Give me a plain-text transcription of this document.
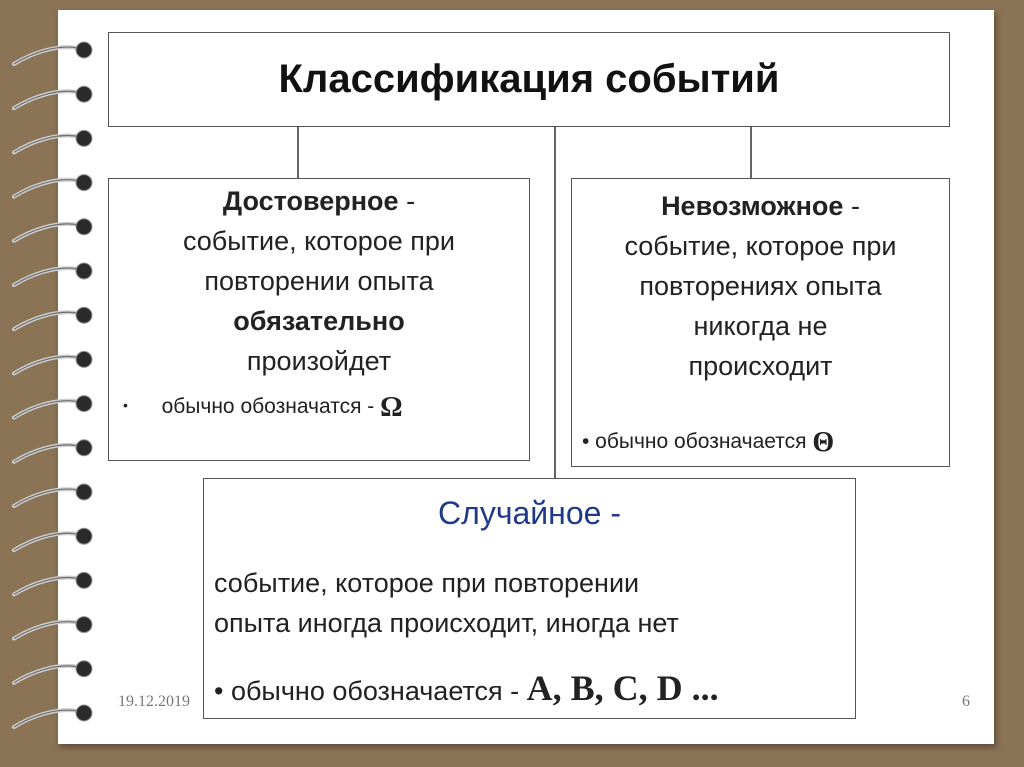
Классификация событий
Достоверное -
событие, которое при
повторении опыта
обязательно
произойдет
• обычно обозначатся - Ω
Невозможное -
событие, которое при
повторениях опыта
никогда не
происходит
• обычно обозначается Θ
Случайное -
событие, которое при повторении
опыта иногда происходит, иногда нет
• обычно обозначается - A, B, C, D ...
19.12.2019	6
